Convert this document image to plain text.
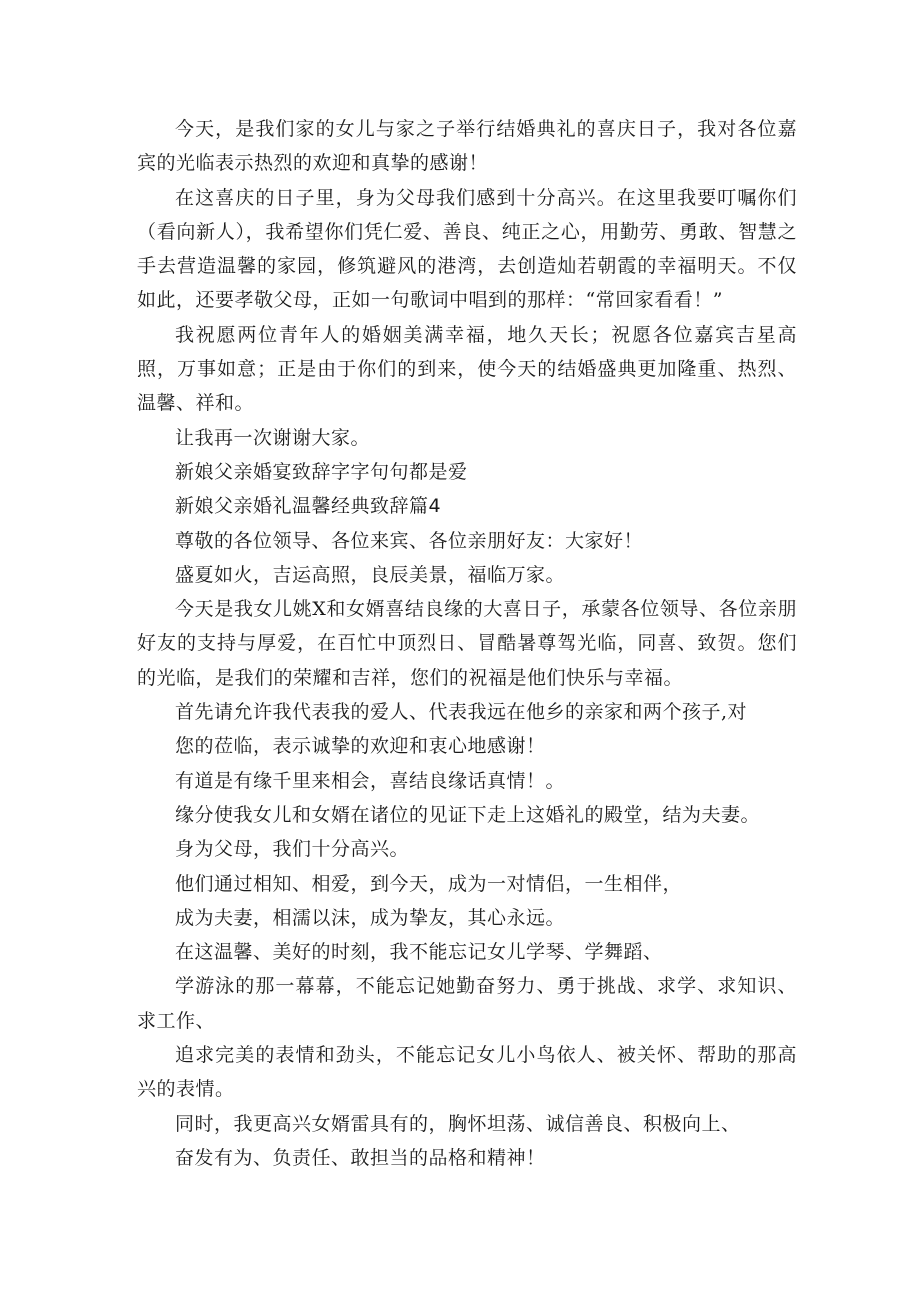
今天，是我们家的女儿与家之子举行结婚典礼的喜庆日子，我对各位嘉宾的光临表示热烈的欢迎和真挚的感谢！

在这喜庆的日子里，身为父母我们感到十分高兴。在这里我要叮嘱你们（看向新人），我希望你们凭仁爱、善良、纯正之心，用勤劳、勇敢、智慧之手去营造温馨的家园，修筑避风的港湾，去创造灿若朝霞的幸福明天。不仅如此，还要孝敬父母，正如一句歌词中唱到的那样：“常回家看看！”

我祝愿两位青年人的婚姻美满幸福，地久天长；祝愿各位嘉宾吉星高照，万事如意；正是由于你们的到来，使今天的结婚盛典更加隆重、热烈、温馨、祥和。

让我再一次谢谢大家。

新娘父亲婚宴致辞字字句句都是爱

新娘父亲婚礼温馨经典致辞篇4

尊敬的各位领导、各位来宾、各位亲朋好友：大家好！

盛夏如火，吉运高照，良辰美景，福临万家。

今天是我女儿姚X和女婿喜结良缘的大喜日子，承蒙各位领导、各位亲朋好友的支持与厚爱，在百忙中顶烈日、冒酷暑尊驾光临，同喜、致贺。您们的光临，是我们的荣耀和吉祥，您们的祝福是他们快乐与幸福。

首先请允许我代表我的爱人、代表我远在他乡的亲家和两个孩子,对

您的莅临，表示诚挚的欢迎和衷心地感谢！

有道是有缘千里来相会，喜结良缘话真情！。

缘分使我女儿和女婿在诸位的见证下走上这婚礼的殿堂，结为夫妻。

身为父母，我们十分高兴。

他们通过相知、相爱，到今天，成为一对情侣，一生相伴，

成为夫妻，相濡以沫，成为挚友，其心永远。

在这温馨、美好的时刻，我不能忘记女儿学琴、学舞蹈、

学游泳的那一幕幕，不能忘记她勤奋努力、勇于挑战、求学、求知识、求工作、

追求完美的表情和劲头，不能忘记女儿小鸟依人、被关怀、帮助的那高兴的表情。

同时，我更高兴女婿雷具有的，胸怀坦荡、诚信善良、积极向上、

奋发有为、负责任、敢担当的品格和精神！
